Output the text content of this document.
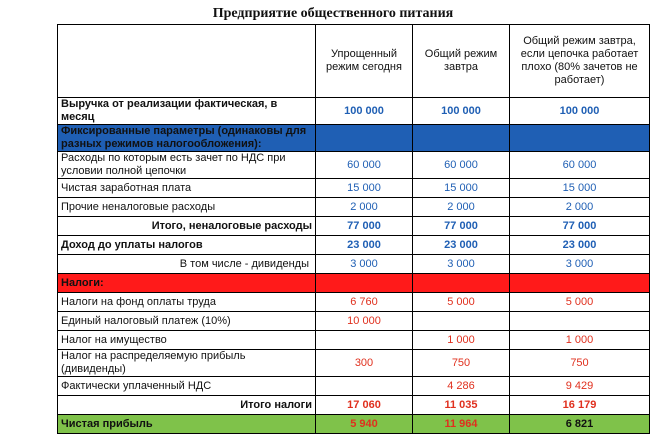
Предприятие общественного питания
	Упрощенный режим сегодня	Общий режим завтра	Общий режим завтра, если цепочка работает плохо (80% зачетов не работает)
Выручка от реализации фактическая, в месяц	100 000	100 000	100 000
Фиксированные параметры (одинаковы для разных режимов налогообложения):			
Расходы по которым есть зачет по НДС при условии полной цепочки	60 000	60 000	60 000
Чистая заработная плата	15 000	15 000	15 000
Прочие неналоговые расходы	2 000	2 000	2 000
Итого, неналоговые расходы	77 000	77 000	77 000
Доход до уплаты налогов	23 000	23 000	23 000
В том числе - дивиденды	3 000	3 000	3 000
Налоги:			
Налоги на фонд оплаты труда	6 760	5 000	5 000
Единый налоговый платеж (10%)	10 000		
Налог на имущество		1 000	1 000
Налог на распределяемую прибыль (дивиденды)	300	750	750
Фактически уплаченный НДС		4 286	9 429
Итого налоги	17 060	11 035	16 179
Чистая прибыль	5 940	11 964	6 821
